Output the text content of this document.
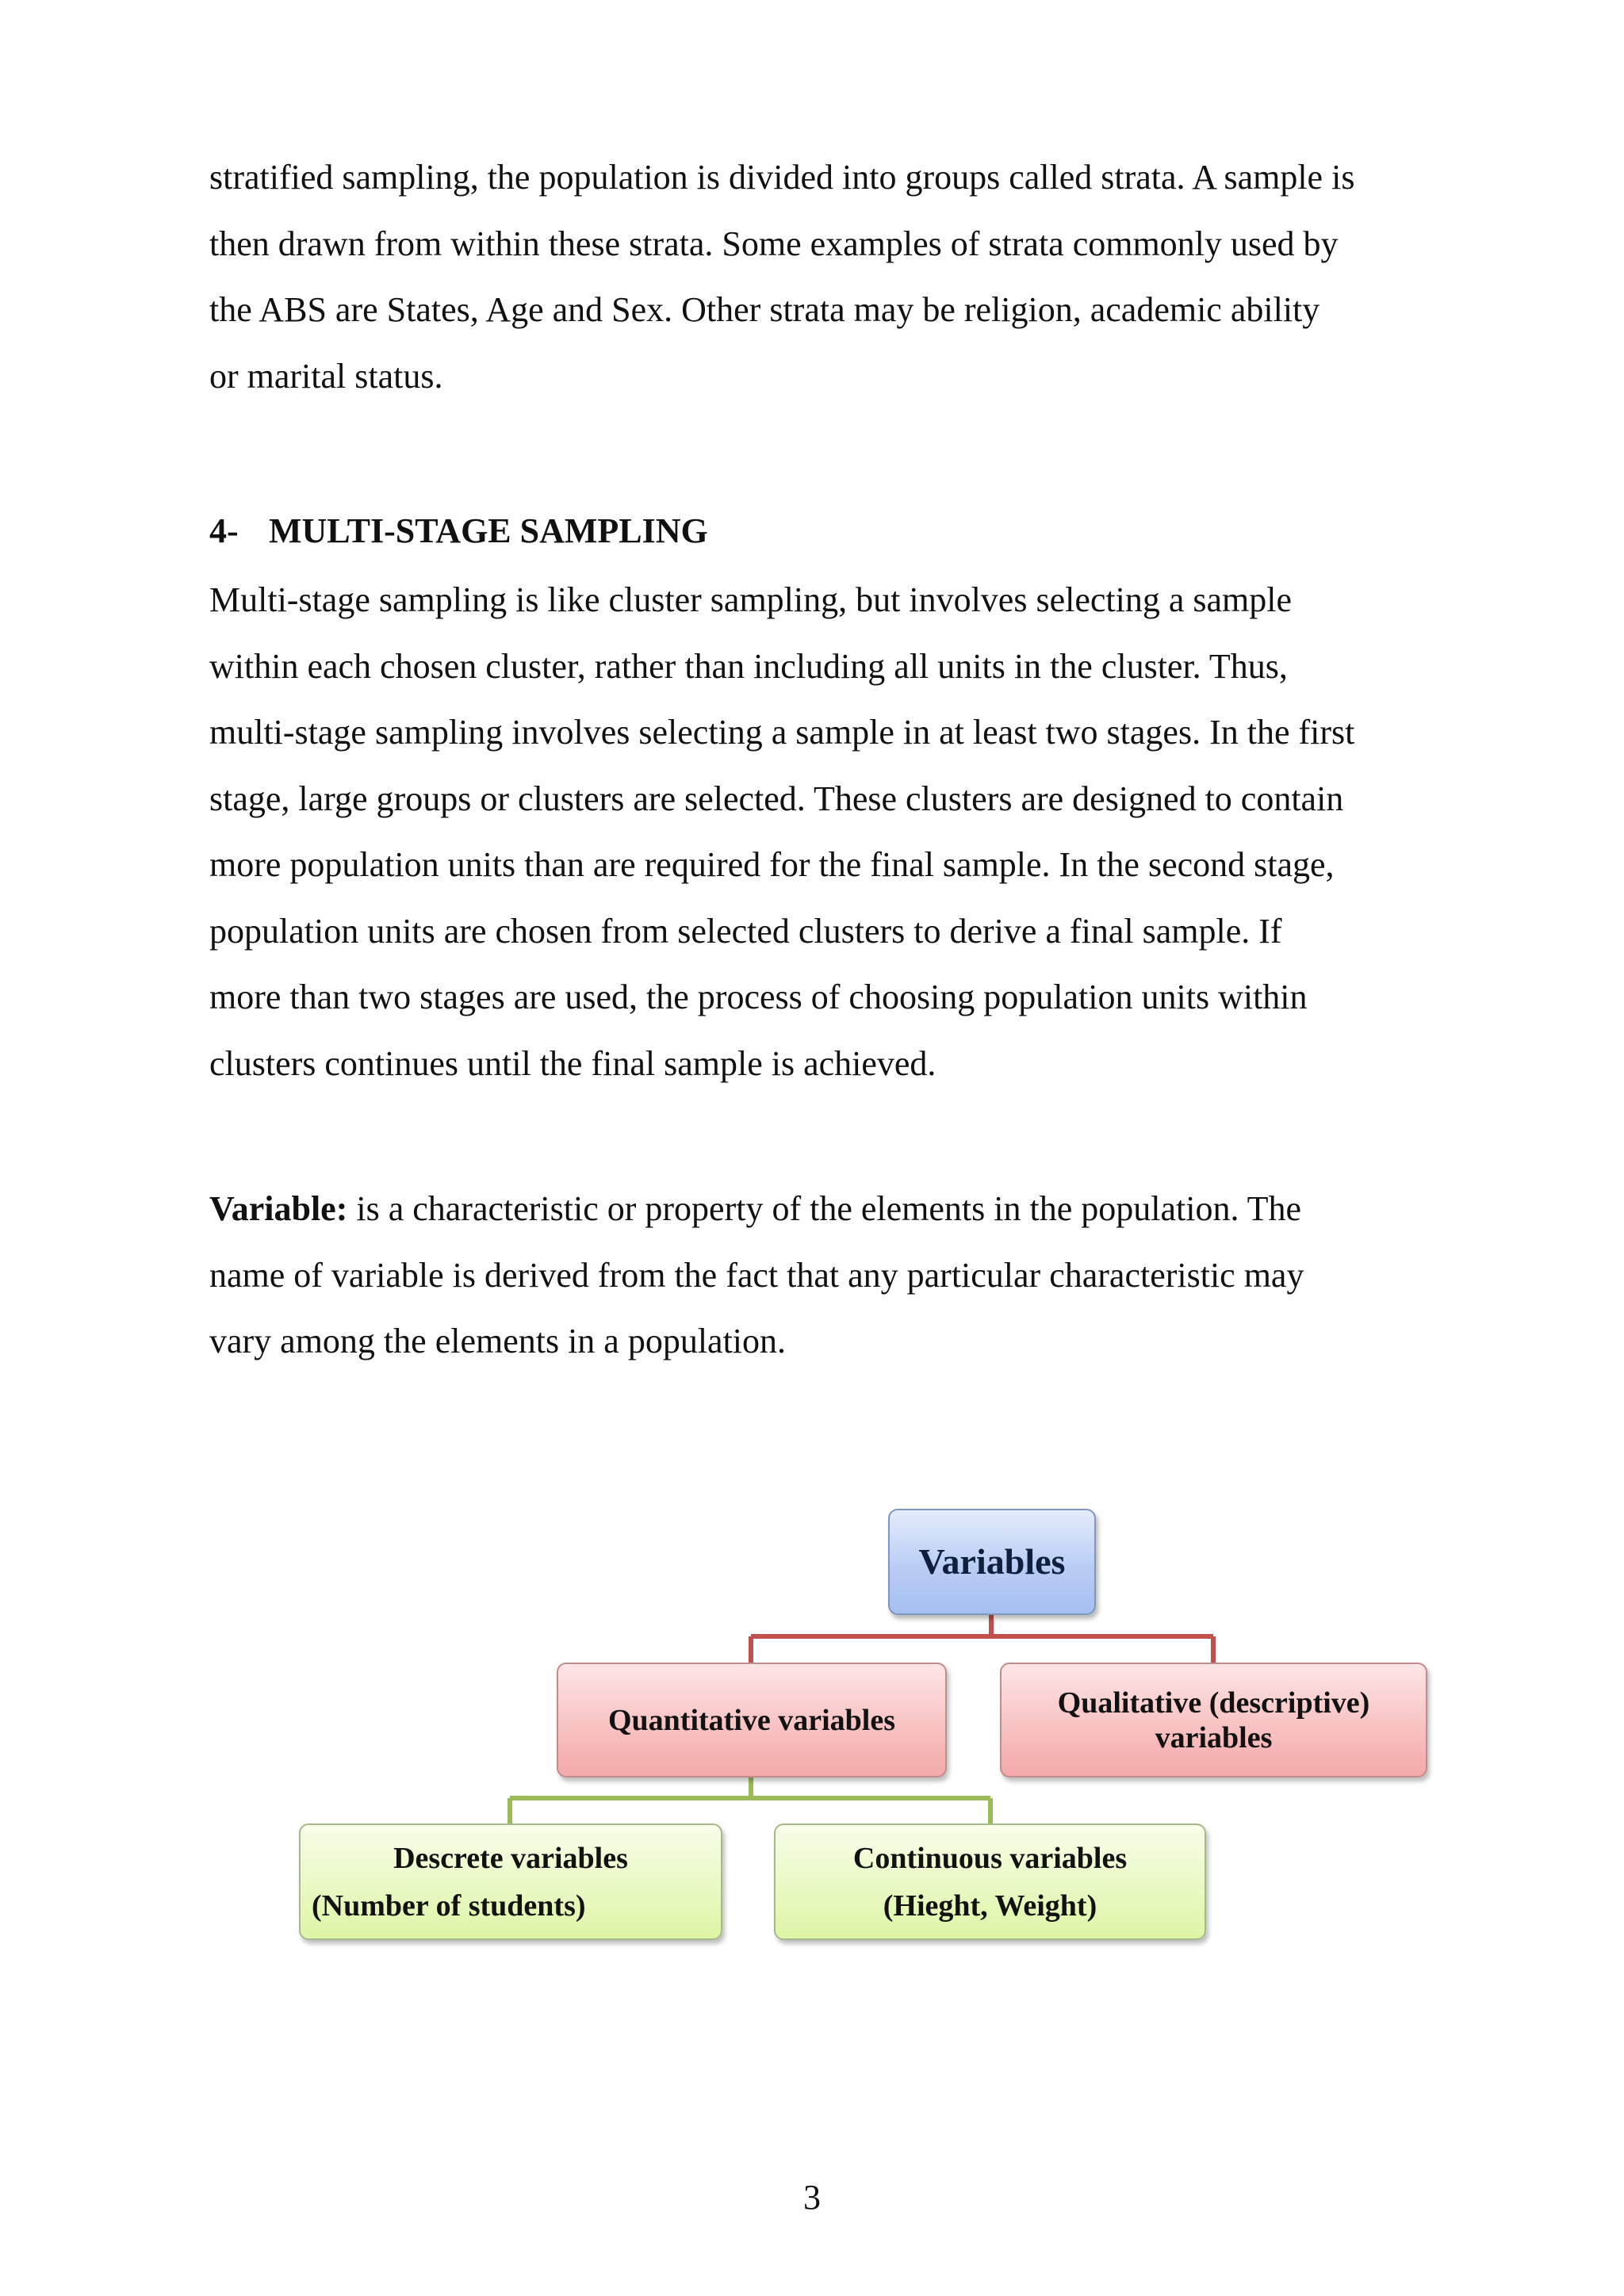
stratified sampling, the population is divided into groups called strata. A sample is

then drawn from within these strata. Some examples of strata commonly used by

the ABS are States, Age and Sex. Other strata may be religion, academic ability

or marital status.

4- MULTI-STAGE SAMPLING

Multi-stage sampling is like cluster sampling, but involves selecting a sample

within each chosen cluster, rather than including all units in the cluster. Thus,

multi-stage sampling involves selecting a sample in at least two stages. In the first

stage, large groups or clusters are selected. These clusters are designed to contain

more population units than are required for the final sample. In the second stage,

population units are chosen from selected clusters to derive a final sample. If

more than two stages are used, the process of choosing population units within

clusters continues until the final sample is achieved.

Variable: is a characteristic or property of the elements in the population. The

name of variable is derived from the fact that any particular characteristic may

vary among the elements in a population.

Variables
Quantitative variables
Qualitative (descriptive)
variables
Descrete variables
(Number of students)
Continuous variables
(Hieght, Weight)
3
